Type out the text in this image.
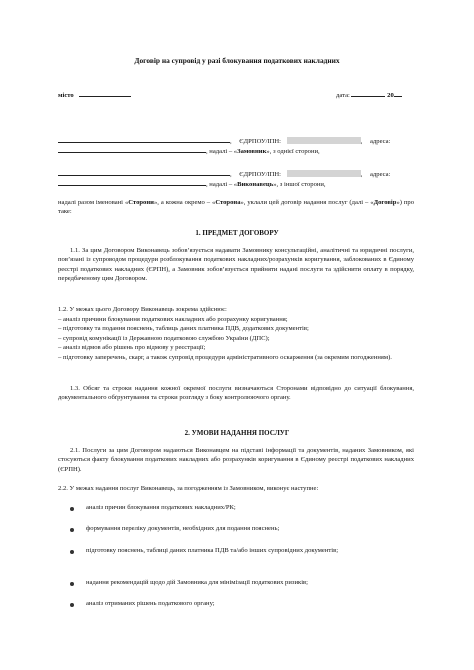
Договір на супровід у разі блокування податкових накладних
місто	дата:	20
, ЄДРПОУ/ІПН:	, адреса:
, надалі – «Замовник», з однієї сторони,
, ЄДРПОУ/ІПН:	, адреса:
, надалі – «Виконавець», з іншої сторони,
надалі разом іменовані «Сторони», а кожна окремо – «Сторона», уклали цей договір надання послуг (далі – «Договір») про таке:
1. ПРЕДМЕТ ДОГОВОРУ
1.1. За цим Договором Виконавець зобов’язується надавати Замовнику консультаційні, аналітичні та юридичні послуги, пов’язані із супроводом процедури розблокування податкових накладних/розрахунків коригування, заблокованих в Єдиному реєстрі податкових накладних (ЄРПН), а Замовник зобов’язується прийняти надані послуги та здійснити оплату в порядку, передбаченому цим Договором.
1.2. У межах цього Договору Виконавець зокрема здійснює:
– аналіз причини блокування податкових накладних або розрахунку коригування;
– підготовку та подання пояснень, таблиць даних платника ПДВ, додаткових документів;
– супровід комунікації із Державною податковою службою України (ДПС);
– аналіз відмов або рішень про відмову у реєстрації;
– підготовку заперечень, скарг, а також супровід процедури адміністративного оскарження (за окремим погодженням).
1.3. Обсяг та строки надання кожної окремої послуги визначаються Сторонами відповідно до ситуації блокування, документального обґрунтування та строки розгляду з боку контролюючого органу.
2. УМОВИ НАДАННЯ ПОСЛУГ
2.1. Послуги за цим Договором надаються Виконавцем на підставі інформації та документів, наданих Замовником, які стосуються факту блокування податкових накладних або розрахунків коригування в Єдиному реєстрі податкових накладних (ЄРПН).
2.2. У межах надання послуг Виконавець, за погодженням із Замовником, виконує наступне:
аналіз причин блокування податкових накладних/РК;
формування переліку документів, необхідних для подання пояснень;
підготовку пояснень, таблиці даних платника ПДВ та/або інших супровідних документів;
надання рекомендацій щодо дій Замовника для мінімізації податкових ризиків;
аналіз отриманих рішень податкового органу;
